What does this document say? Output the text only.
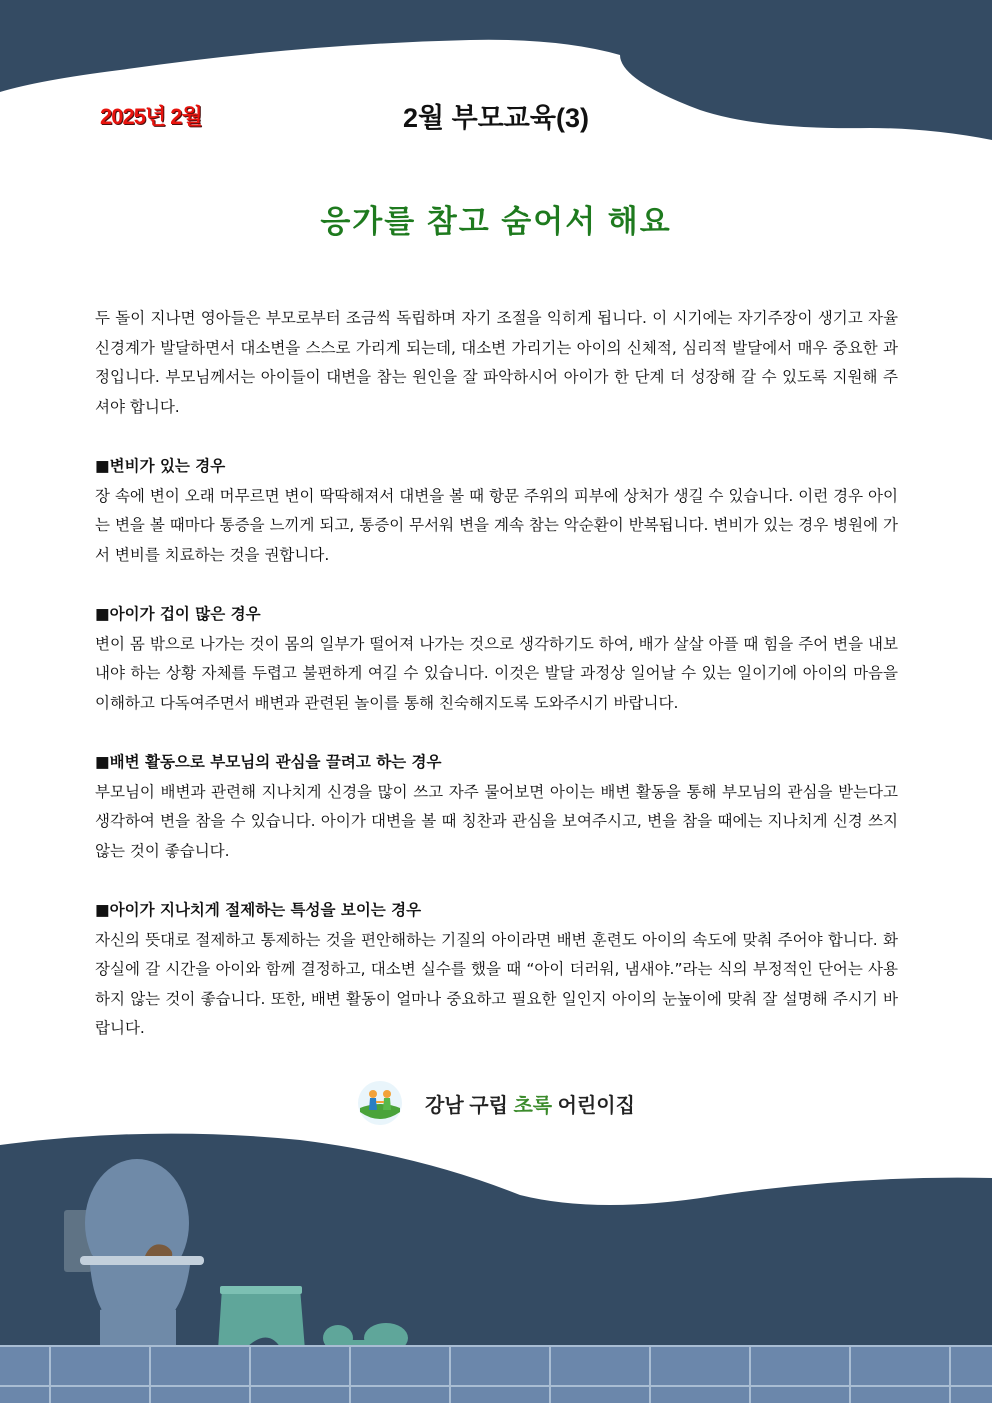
2025년 2월	2월 부모교육(3)
응가를 참고 숨어서 해요

두 돌이 지나면 영아들은 부모로부터 조금씩 독립하며 자기 조절을 익히게 됩니다. 이 시기에는 자기주장이 생기고 자율신경계가 발달하면서 대소변을 스스로 가리게 되는데, 대소변 가리기는 아이의 신체적, 심리적 발달에서 매우 중요한 과정입니다. 부모님께서는 아이들이 대변을 참는 원인을 잘 파악하시어 아이가 한 단계 더 성장해 갈 수 있도록 지원해 주셔야 합니다.

■변비가 있는 경우

장 속에 변이 오래 머무르면 변이 딱딱해져서 대변을 볼 때 항문 주위의 피부에 상처가 생길 수 있습니다. 이런 경우 아이는 변을 볼 때마다 통증을 느끼게 되고, 통증이 무서워 변을 계속 참는 악순환이 반복됩니다. 변비가 있는 경우 병원에 가서 변비를 치료하는 것을 권합니다.

■아이가 겁이 많은 경우

변이 몸 밖으로 나가는 것이 몸의 일부가 떨어져 나가는 것으로 생각하기도 하여, 배가 살살 아플 때 힘을 주어 변을 내보내야 하는 상황 자체를 두렵고 불편하게 여길 수 있습니다. 이것은 발달 과정상 일어날 수 있는 일이기에 아이의 마음을 이해하고 다독여주면서 배변과 관련된 놀이를 통해 친숙해지도록 도와주시기 바랍니다.

■배변 활동으로 부모님의 관심을 끌려고 하는 경우

부모님이 배변과 관련해 지나치게 신경을 많이 쓰고 자주 물어보면 아이는 배변 활동을 통해 부모님의 관심을 받는다고 생각하여 변을 참을 수 있습니다. 아이가 대변을 볼 때 칭찬과 관심을 보여주시고, 변을 참을 때에는 지나치게 신경 쓰지 않는 것이 좋습니다.

■아이가 지나치게 절제하는 특성을 보이는 경우

자신의 뜻대로 절제하고 통제하는 것을 편안해하는 기질의 아이라면 배변 훈련도 아이의 속도에 맞춰 주어야 합니다. 화장실에 갈 시간을 아이와 함께 결정하고, 대소변 실수를 했을 때 “아이 더러워, 냄새야.”라는 식의 부정적인 단어는 사용하지 않는 것이 좋습니다. 또한, 배변 활동이 얼마나 중요하고 필요한 일인지 아이의 눈높이에 맞춰 잘 설명해 주시기 바랍니다.

강남 구립 초록 어린이집
